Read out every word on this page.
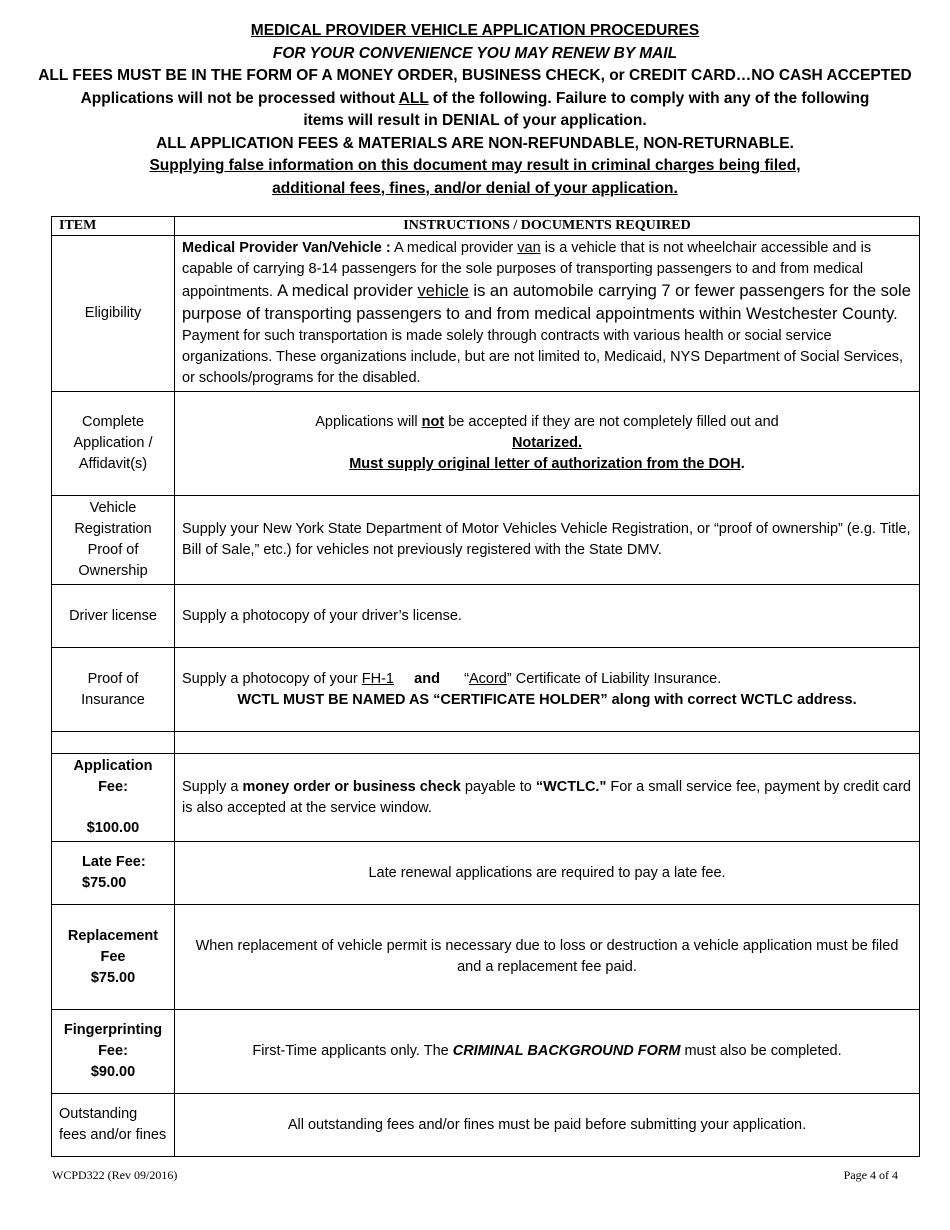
MEDICAL PROVIDER VEHICLE APPLICATION PROCEDURES
FOR YOUR CONVENIENCE YOU MAY RENEW BY MAIL
ALL FEES MUST BE IN THE FORM OF A MONEY ORDER, BUSINESS CHECK, or CREDIT CARD…NO CASH ACCEPTED
Applications will not be processed without ALL of the following. Failure to comply with any of the following
items will result in DENIAL of your application.
ALL APPLICATION FEES & MATERIALS ARE NON-REFUNDABLE, NON-RETURNABLE.
Supplying false information on this document may result in criminal charges being filed,
additional fees, fines, and/or denial of your application.
ITEM	INSTRUCTIONS / DOCUMENTS REQUIRED
Eligibility	Medical Provider Van/Vehicle : A medical provider van is a vehicle that is not wheelchair accessible and is capable of carrying 8-14 passengers for the sole purposes of transporting passengers to and from medical appointments. A medical provider vehicle is an automobile carrying 7 or fewer passengers for the sole purpose of transporting passengers to and from medical appointments within Westchester County. Payment for such transportation is made solely through contracts with various health or social service organizations. These organizations include, but are not limited to, Medicaid, NYS Department of Social Services, or schools/programs for the disabled.
Complete Application / Affidavit(s)	Applications will not be accepted if they are not completely filled out and
Notarized.
Must supply original letter of authorization from the DOH.

Vehicle Registration Proof of Ownership	Supply your New York State Department of Motor Vehicles Vehicle Registration, or “proof of ownership” (e.g. Title, Bill of Sale,” etc.) for vehicles not previously registered with the State DMV.
Driver license	Supply a photocopy of your driver’s license.
Proof of Insurance	Supply a photocopy of your FH-1 and “Acord” Certificate of Liability Insurance.
WCTL MUST BE NAMED AS “CERTIFICATE HOLDER” along with correct WCTLC address.

Application Fee:
$100.00	Supply a money order or business check payable to “WCTLC." For a small service fee, payment by credit card is also accepted at the service window.

Late Fee:
$75.00	Late renewal applications are required to pay a late fee.

Replacement Fee
$75.00	When replacement of vehicle permit is necessary due to loss or destruction a vehicle application must be filed and a replacement fee paid.

Fingerprinting Fee:
$90.00	First-Time applicants only. The CRIMINAL BACKGROUND FORM must also be completed.
Outstanding fees and/or fines	All outstanding fees and/or fines must be paid before submitting your application.
WCPD322 (Rev 09/2016)	Page 4 of 4
